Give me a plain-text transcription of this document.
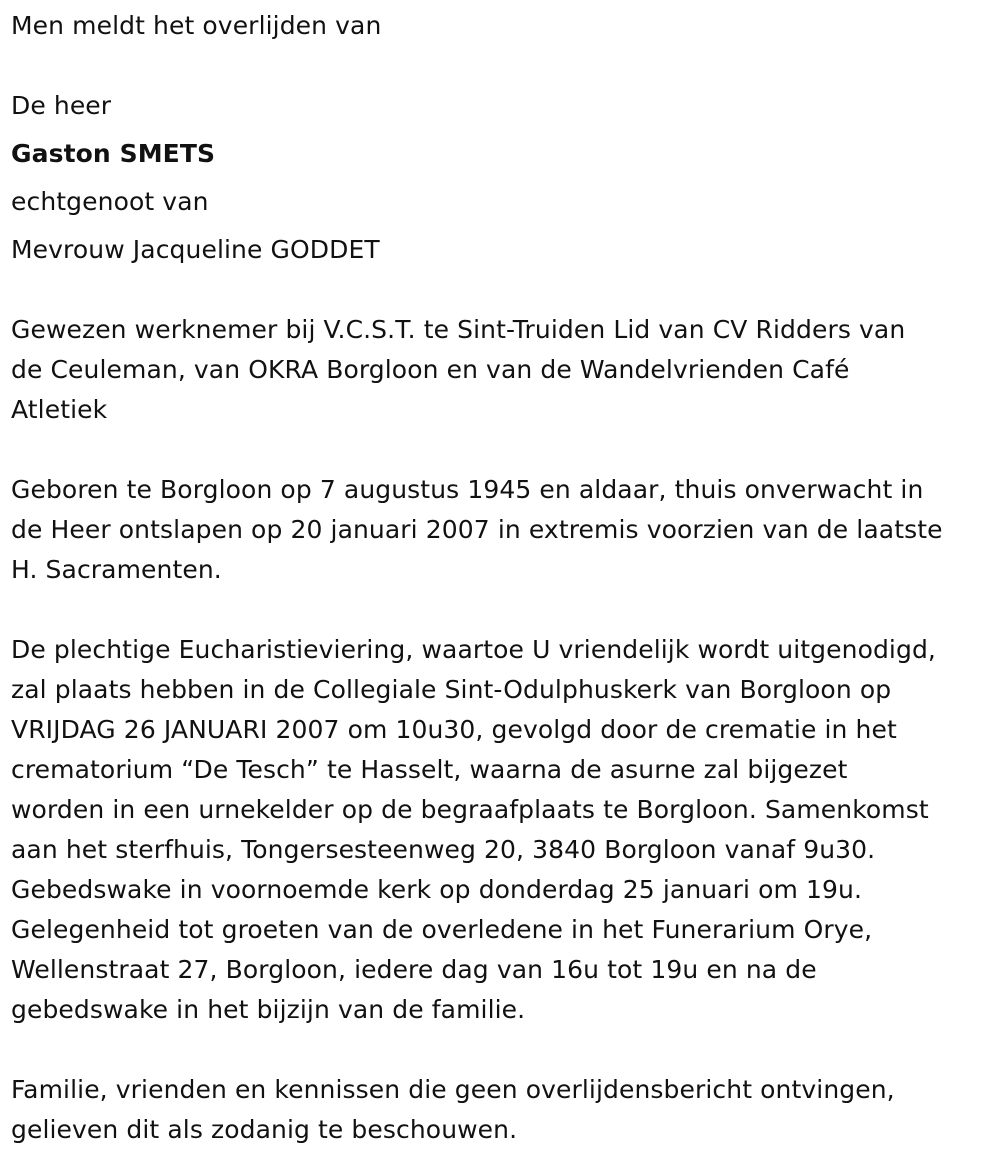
Men meldt het overlijden van

De heer

Gaston SMETS

echtgenoot van

Mevrouw Jacqueline GODDET

Gewezen werknemer bij V.C.S.T. te Sint-Truiden Lid van CV Ridders van

de Ceuleman, van OKRA Borgloon en van de Wandelvrienden Café

Atletiek

Geboren te Borgloon op 7 augustus 1945 en aldaar, thuis onverwacht in

de Heer ontslapen op 20 januari 2007 in extremis voorzien van de laatste

H. Sacramenten.

De plechtige Eucharistieviering, waartoe U vriendelijk wordt uitgenodigd,

zal plaats hebben in de Collegiale Sint-Odulphuskerk van Borgloon op

VRIJDAG 26 JANUARI 2007 om 10u30, gevolgd door de crematie in het

crematorium “De Tesch” te Hasselt, waarna de asurne zal bijgezet

worden in een urnekelder op de begraafplaats te Borgloon. Samenkomst

aan het sterfhuis, Tongersesteenweg 20, 3840 Borgloon vanaf 9u30.

Gebedswake in voornoemde kerk op donderdag 25 januari om 19u.

Gelegenheid tot groeten van de overledene in het Funerarium Orye,

Wellenstraat 27, Borgloon, iedere dag van 16u tot 19u en na de

gebedswake in het bijzijn van de familie.

Familie, vrienden en kennissen die geen overlijdensbericht ontvingen,

gelieven dit als zodanig te beschouwen.
